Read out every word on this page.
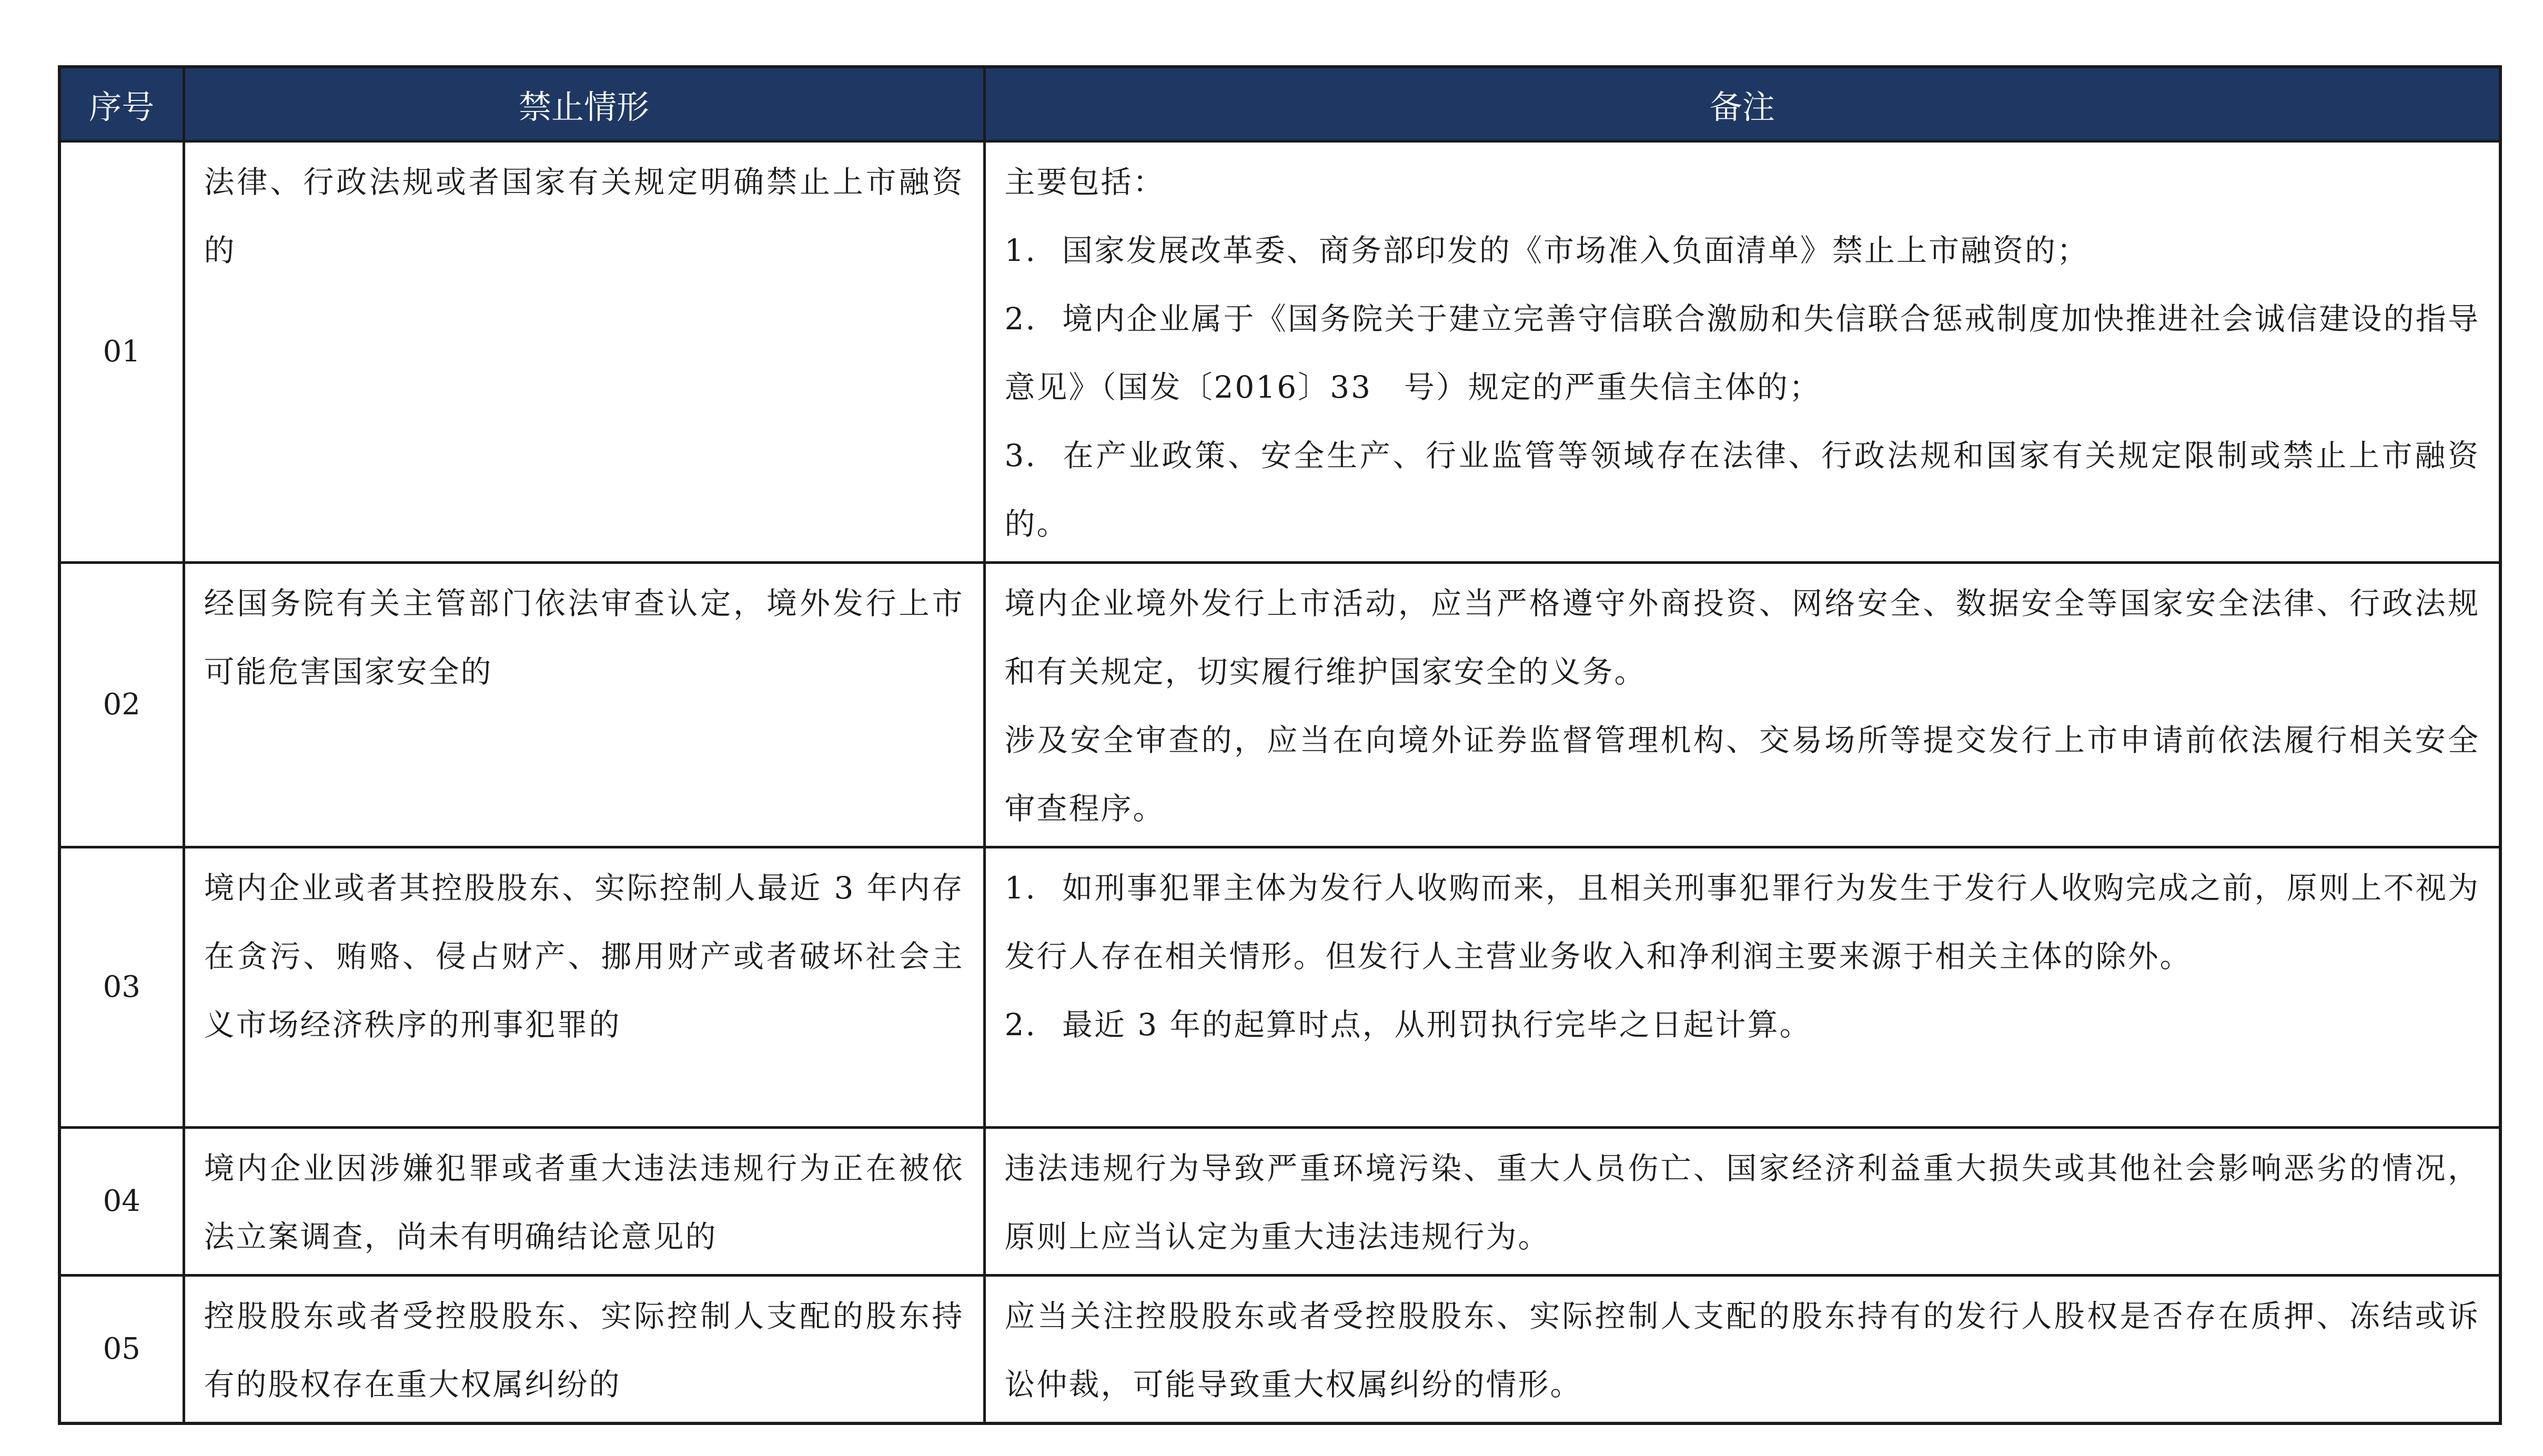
序号	禁止情形	备注
01	法律、行政法规或者国家有关规定明确禁止上市融资的	主要包括：
1. 国家发展改革委、商务部印发的《市场准入负面清单》禁止上市融资的；
2. 境内企业属于《国务院关于建立完善守信联合激励和失信联合惩戒制度加快推进社会诚信建设的指导意见》（国发〔2016〕33　号）规定的严重失信主体的；
3. 在产业政策、安全生产、行业监管等领域存在法律、行政法规和国家有关规定限制或禁止上市融资的。

02	经国务院有关主管部门依法审查认定，境外发行上市可能危害国家安全的	境内企业境外发行上市活动，应当严格遵守外商投资、网络安全、数据安全等国家安全法律、行政法规和有关规定，切实履行维护国家安全的义务。
涉及安全审查的，应当在向境外证券监督管理机构、交易场所等提交发行上市申请前依法履行相关安全审查程序。

03	境内企业或者其控股股东、实际控制人最近 3 年内存在贪污、贿赂、侵占财产、挪用财产或者破坏社会主义市场经济秩序的刑事犯罪的	1. 如刑事犯罪主体为发行人收购而来，且相关刑事犯罪行为发生于发行人收购完成之前，原则上不视为发行人存在相关情形。但发行人主营业务收入和净利润主要来源于相关主体的除外。
2. 最近 3 年的起算时点，从刑罚执行完毕之日起计算。

04	境内企业因涉嫌犯罪或者重大违法违规行为正在被依法立案调查，尚未有明确结论意见的	违法违规行为导致严重环境污染、重大人员伤亡、国家经济利益重大损失或其他社会影响恶劣的情况，原则上应当认定为重大违法违规行为。

05	控股股东或者受控股股东、实际控制人支配的股东持有的股权存在重大权属纠纷的	应当关注控股股东或者受控股股东、实际控制人支配的股东持有的发行人股权是否存在质押、冻结或诉讼仲裁，可能导致重大权属纠纷的情形。
